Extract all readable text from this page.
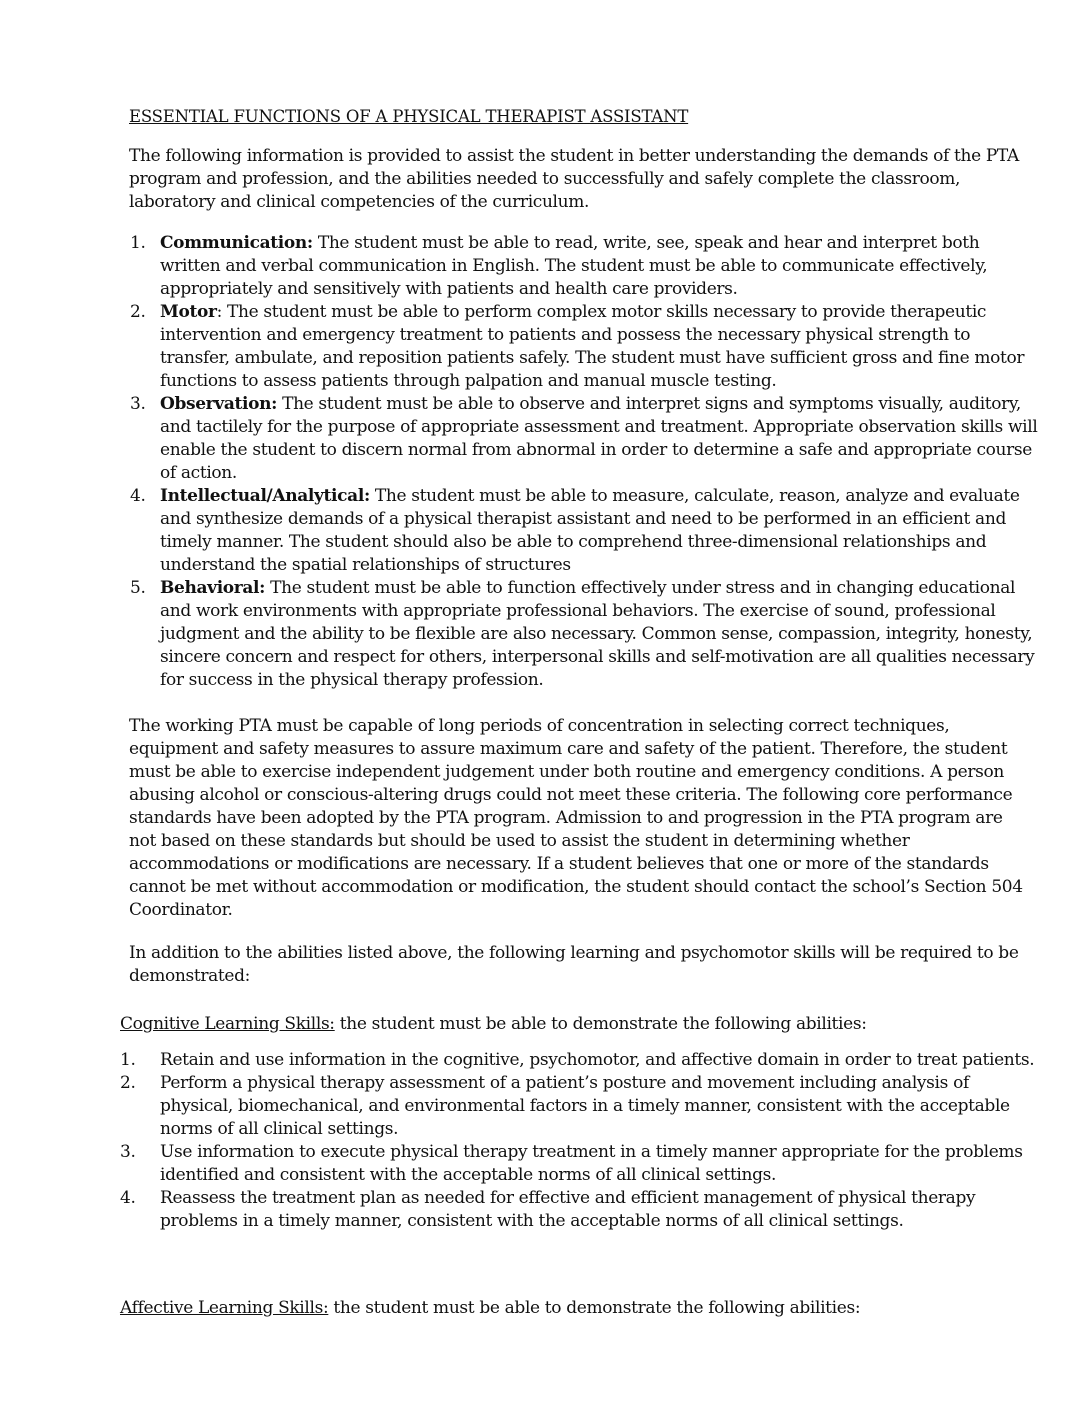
ESSENTIAL FUNCTIONS OF A PHYSICAL THERAPIST ASSISTANT
The following information is provided to assist the student in better understanding the demands of the PTA program and profession, and the abilities needed to successfully and safely complete the classroom, laboratory and clinical competencies of the curriculum.
1. Communication: The student must be able to read, write, see, speak and hear and interpret both written and verbal communication in English. The student must be able to communicate effectively, appropriately and sensitively with patients and health care providers.
2. Motor: The student must be able to perform complex motor skills necessary to provide therapeutic intervention and emergency treatment to patients and possess the necessary physical strength to transfer, ambulate, and reposition patients safely. The student must have sufficient gross and fine motor functions to assess patients through palpation and manual muscle testing.
3. Observation: The student must be able to observe and interpret signs and symptoms visually, auditory, and tactilely for the purpose of appropriate assessment and treatment. Appropriate observation skills will enable the student to discern normal from abnormal in order to determine a safe and appropriate course of action.
4. Intellectual/Analytical: The student must be able to measure, calculate, reason, analyze and evaluate and synthesize demands of a physical therapist assistant and need to be performed in an efficient and timely manner. The student should also be able to comprehend three-dimensional relationships and understand the spatial relationships of structures
5. Behavioral: The student must be able to function effectively under stress and in changing educational and work environments with appropriate professional behaviors. The exercise of sound, professional judgment and the ability to be flexible are also necessary. Common sense, compassion, integrity, honesty, sincere concern and respect for others, interpersonal skills and self-motivation are all qualities necessary for success in the physical therapy profession.
The working PTA must be capable of long periods of concentration in selecting correct techniques, equipment and safety measures to assure maximum care and safety of the patient. Therefore, the student must be able to exercise independent judgement under both routine and emergency conditions. A person abusing alcohol or conscious-altering drugs could not meet these criteria. The following core performance standards have been adopted by the PTA program. Admission to and progression in the PTA program are not based on these standards but should be used to assist the student in determining whether accommodations or modifications are necessary. If a student believes that one or more of the standards cannot be met without accommodation or modification, the student should contact the school’s Section 504 Coordinator.
In addition to the abilities listed above, the following learning and psychomotor skills will be required to be demonstrated:
Cognitive Learning Skills: the student must be able to demonstrate the following abilities:
1. Retain and use information in the cognitive, psychomotor, and affective domain in order to treat patients.
2. Perform a physical therapy assessment of a patient’s posture and movement including analysis of physical, biomechanical, and environmental factors in a timely manner, consistent with the acceptable norms of all clinical settings.
3. Use information to execute physical therapy treatment in a timely manner appropriate for the problems identified and consistent with the acceptable norms of all clinical settings.
4. Reassess the treatment plan as needed for effective and efficient management of physical therapy problems in a timely manner, consistent with the acceptable norms of all clinical settings.
Affective Learning Skills: the student must be able to demonstrate the following abilities:
